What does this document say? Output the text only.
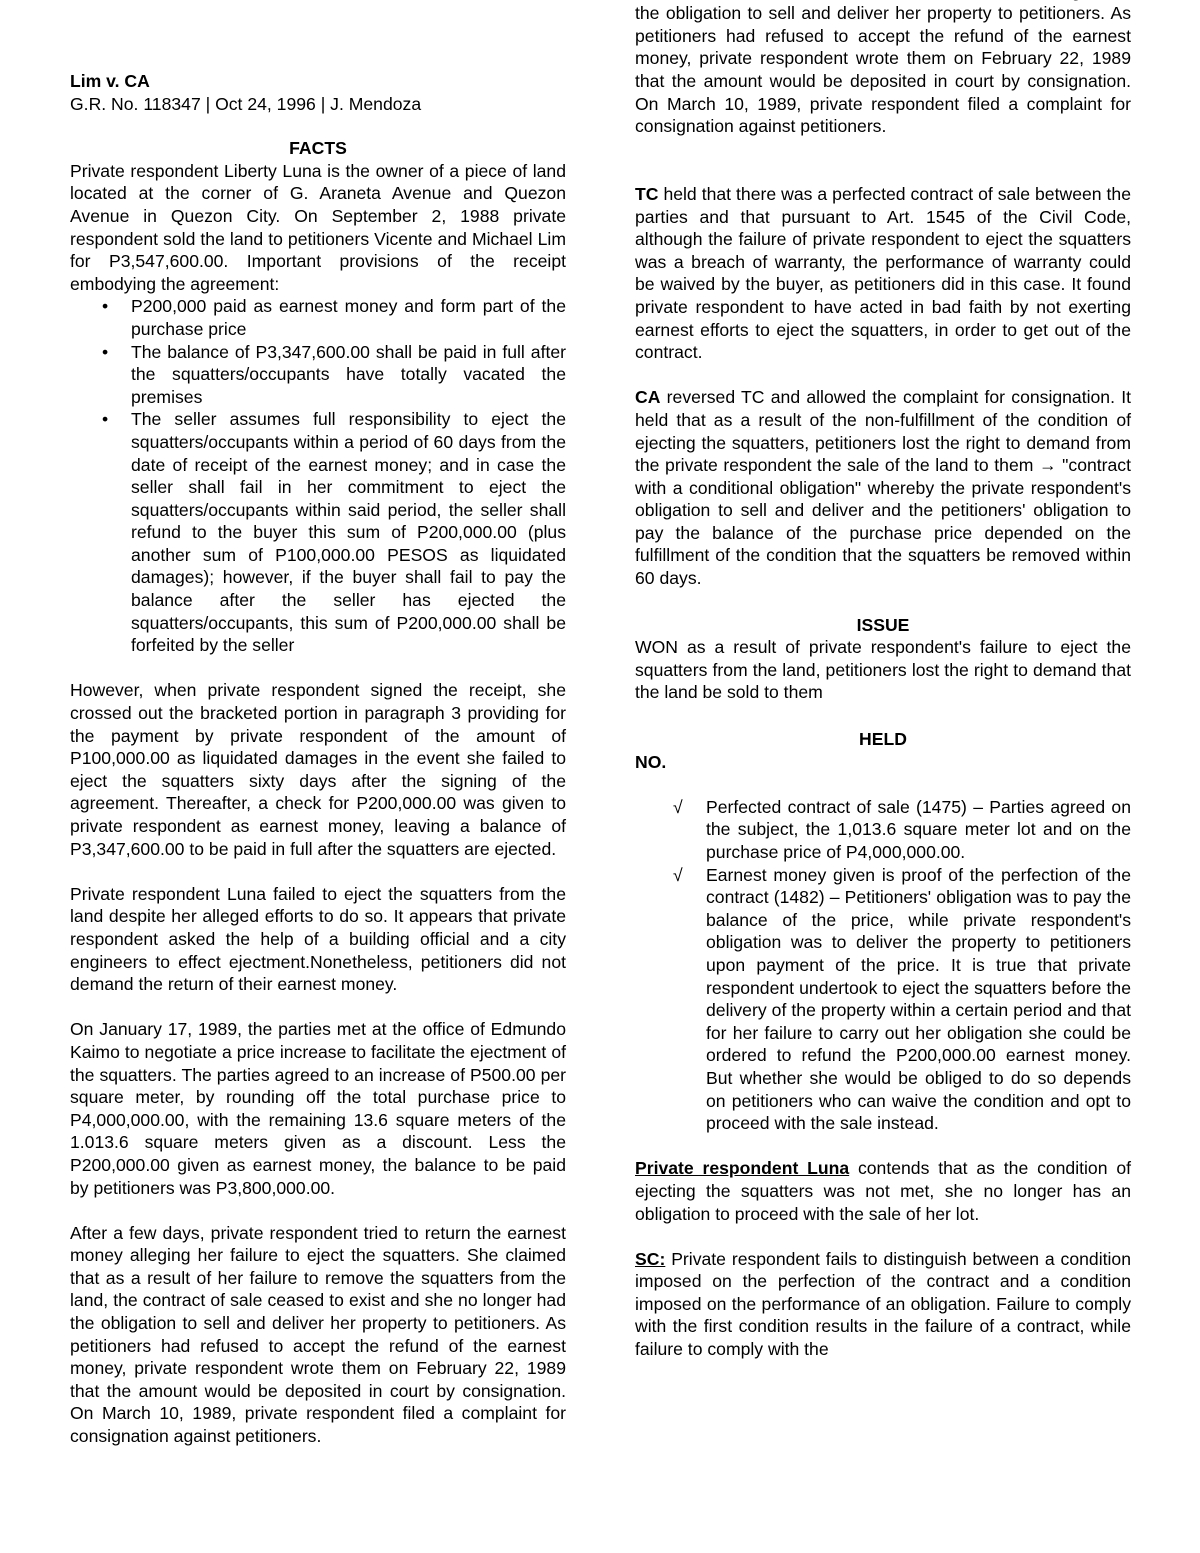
Lim v. CA

G.R. No. 118347 | Oct 24, 1996 | J. Mendoza

FACTS

Private respondent Liberty Luna is the owner of a piece of land located at the corner of G. Araneta Avenue and Quezon Avenue in Quezon City. On September 2, 1988 private respondent sold the land to petitioners Vicente and Michael Lim for P3,547,600.00. Important provisions of the receipt embodying the agreement:

• P200,000 paid as earnest money and form part of the purchase price
• The balance of P3,347,600.00 shall be paid in full after the squatters/occupants have totally vacated the premises
• The seller assumes full responsibility to eject the squatters/occupants within a period of 60 days from the date of receipt of the earnest money; and in case the seller shall fail in her commitment to eject the squatters/occupants within said period, the seller shall refund to the buyer this sum of P200,000.00 (plus another sum of P100,000.00 PESOS as liquidated damages); however, if the buyer shall fail to pay the balance after the seller has ejected the squatters/occupants, this sum of P200,000.00 shall be forfeited by the seller

However, when private respondent signed the receipt, she crossed out the bracketed portion in paragraph 3 providing for the payment by private respondent of the amount of P100,000.00 as liquidated damages in the event she failed to eject the squatters sixty days after the signing of the agreement. Thereafter, a check for P200,000.00 was given to private respondent as earnest money, leaving a balance of P3,347,600.00 to be paid in full after the squatters are ejected.

Private respondent Luna failed to eject the squatters from the land despite her alleged efforts to do so. It appears that private respondent asked the help of a building official and a city engineers to effect ejectment.Nonetheless, petitioners did not demand the return of their earnest money.

On January 17, 1989, the parties met at the office of Edmundo Kaimo to negotiate a price increase to facilitate the ejectment of the squatters. The parties agreed to an increase of P500.00 per square meter, by rounding off the total purchase price to P4,000,000.00, with the remaining 13.6 square meters of the 1.013.6 square meters given as a discount. Less the P200,000.00 given as earnest money, the balance to be paid by petitioners was P3,800,000.00.

After a few days, private respondent tried to return the earnest money alleging her failure to eject the squatters. She claimed that as a result of her failure to remove the squatters from the land, the contract of sale ceased to exist and she no longer had the obligation to sell and deliver her property to petitioners. As petitioners had refused to accept the refund of the earnest money, private respondent wrote them on February 22, 1989 that the amount would be deposited in court by consignation. On March 10, 1989, private respondent filed a complaint for consignation against petitioners.

the obligation to sell and deliver her property to petitioners. As petitioners had refused to accept the refund of the earnest money, private respondent wrote them on February 22, 1989 that the amount would be deposited in court by consignation. On March 10, 1989, private respondent filed a complaint for consignation against petitioners.

TC held that there was a perfected contract of sale between the parties and that pursuant to Art. 1545 of the Civil Code, although the failure of private respondent to eject the squatters was a breach of warranty, the performance of warranty could be waived by the buyer, as petitioners did in this case. It found private respondent to have acted in bad faith by not exerting earnest efforts to eject the squatters, in order to get out of the contract.

CA reversed TC and allowed the complaint for consignation. It held that as a result of the non-fulfillment of the condition of ejecting the squatters, petitioners lost the right to demand from the private respondent the sale of the land to them → "contract with a conditional obligation" whereby the private respondent's obligation to sell and deliver and the petitioners' obligation to pay the balance of the purchase price depended on the fulfillment of the condition that the squatters be removed within 60 days.

ISSUE

WON as a result of private respondent's failure to eject the squatters from the land, petitioners lost the right to demand that the land be sold to them

HELD

NO.

√ Perfected contract of sale (1475) – Parties agreed on the subject, the 1,013.6 square meter lot and on the purchase price of P4,000,000.00.
√ Earnest money given is proof of the perfection of the contract (1482) – Petitioners' obligation was to pay the balance of the price, while private respondent's obligation was to deliver the property to petitioners upon payment of the price. It is true that private respondent undertook to eject the squatters before the delivery of the property within a certain period and that for her failure to carry out her obligation she could be ordered to refund the P200,000.00 earnest money. But whether she would be obliged to do so depends on petitioners who can waive the condition and opt to proceed with the sale instead.

Private respondent Luna contends that as the condition of ejecting the squatters was not met, she no longer has an obligation to proceed with the sale of her lot.

SC: Private respondent fails to distinguish between a condition imposed on the perfection of the contract and a condition imposed on the performance of an obligation. Failure to comply with the first condition results in the failure of a contract, while failure to comply with the
